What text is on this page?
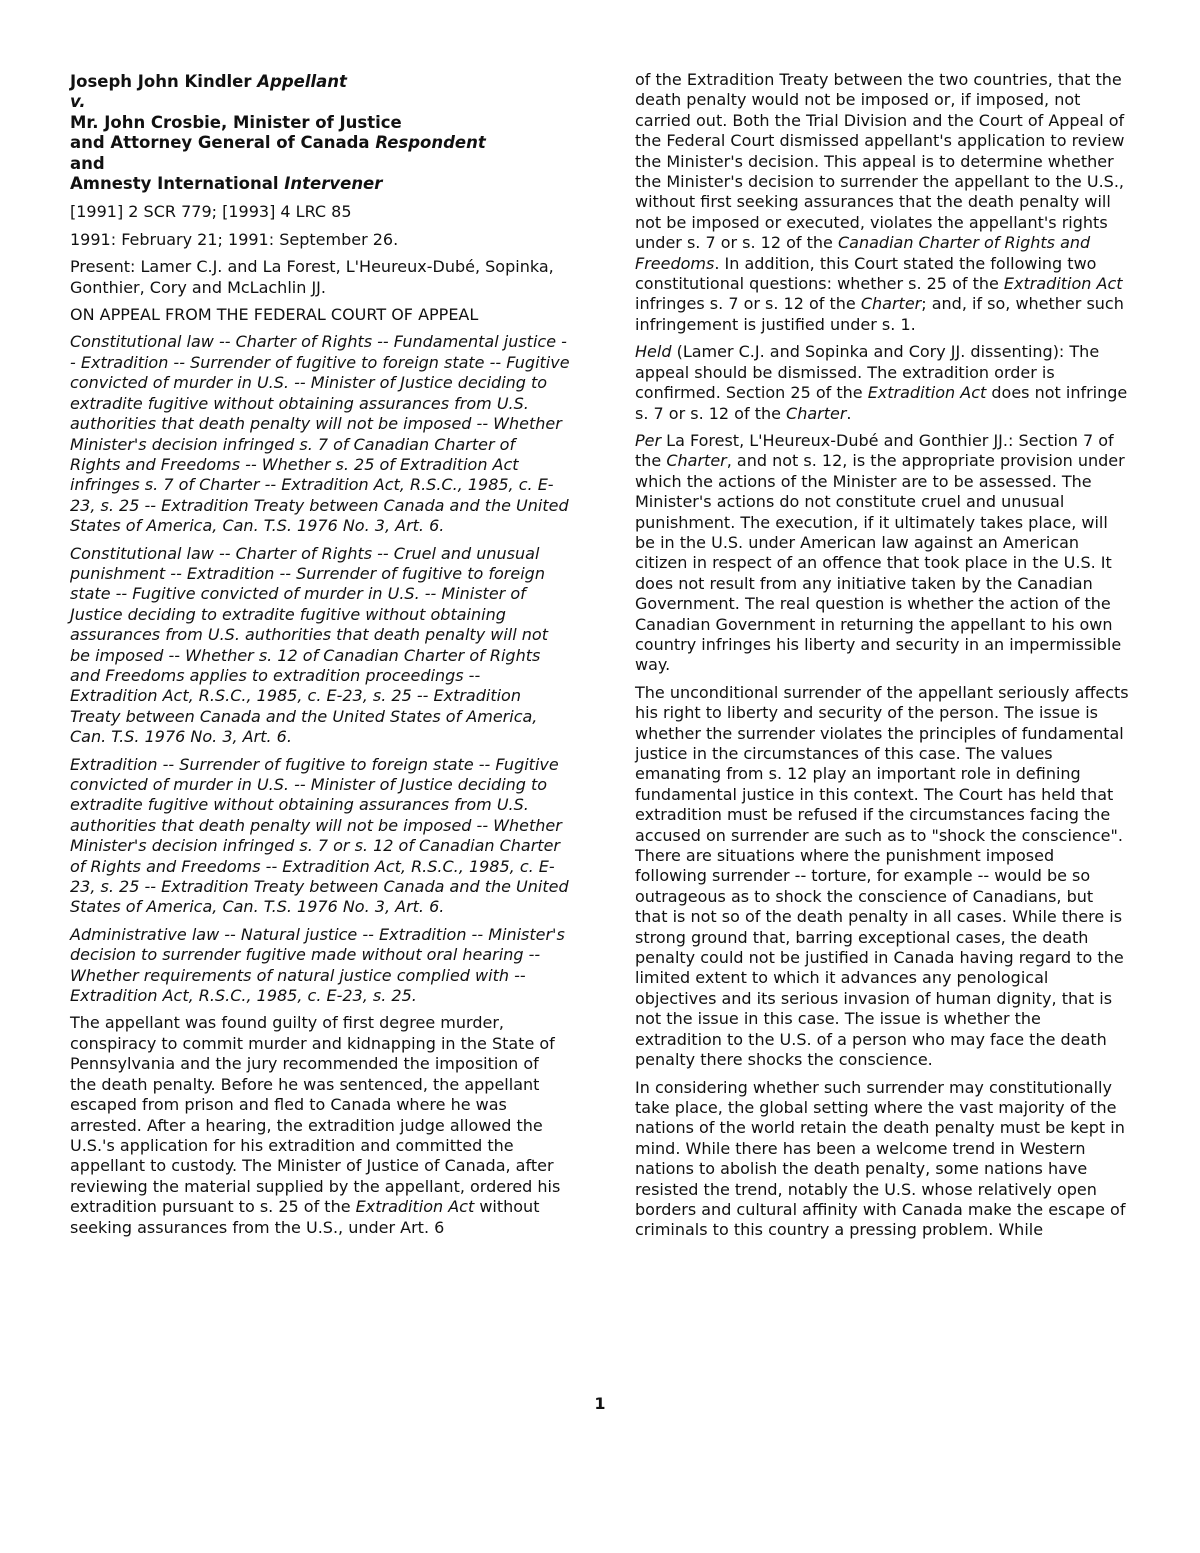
Joseph John Kindler Appellant

v.

Mr. John Crosbie, Minister of Justice

and Attorney General of Canada Respondent

and

Amnesty International Intervener

[1991] 2 SCR 779; [1993] 4 LRC 85

1991: February 21; 1991: September 26.

Present: Lamer C.J. and La Forest, L'Heureux-Dubé, Sopinka, Gonthier, Cory and McLachlin JJ.

ON APPEAL FROM THE FEDERAL COURT OF APPEAL

Constitutional law -- Charter of Rights -- Fundamental justice -- Extradition -- Surrender of fugitive to foreign state -- Fugitive convicted of murder in U.S. -- Minister of Justice deciding to extradite fugitive without obtaining assurances from U.S. authorities that death penalty will not be imposed -- Whether Minister's decision infringed s. 7 of Canadian Charter of Rights and Freedoms -- Whether s. 25 of Extradition Act infringes s. 7 of Charter -- Extradition Act, R.S.C., 1985, c. E-23, s. 25 -- Extradition Treaty between Canada and the United States of America, Can. T.S. 1976 No. 3, Art. 6.

Constitutional law -- Charter of Rights -- Cruel and unusual punishment -- Extradition -- Surrender of fugitive to foreign state -- Fugitive convicted of murder in U.S. -- Minister of Justice deciding to extradite fugitive without obtaining assurances from U.S. authorities that death penalty will not be imposed -- Whether s. 12 of Canadian Charter of Rights and Freedoms applies to extradition proceedings -- Extradition Act, R.S.C., 1985, c. E-23, s. 25 -- Extradition Treaty between Canada and the United States of America, Can. T.S. 1976 No. 3, Art. 6.

Extradition -- Surrender of fugitive to foreign state -- Fugitive convicted of murder in U.S. -- Minister of Justice deciding to extradite fugitive without obtaining assurances from U.S. authorities that death penalty will not be imposed -- Whether Minister's decision infringed s. 7 or s. 12 of Canadian Charter of Rights and Freedoms -- Extradition Act, R.S.C., 1985, c. E-23, s. 25 -- Extradition Treaty between Canada and the United States of America, Can. T.S. 1976 No. 3, Art. 6.

Administrative law -- Natural justice -- Extradition -- Minister's decision to surrender fugitive made without oral hearing -- Whether requirements of natural justice complied with -- Extradition Act, R.S.C., 1985, c. E-23, s. 25.

The appellant was found guilty of first degree murder, conspiracy to commit murder and kidnapping in the State of Pennsylvania and the jury recommended the imposition of the death penalty. Before he was sentenced, the appellant escaped from prison and fled to Canada where he was arrested. After a hearing, the extradition judge allowed the U.S.'s application for his extradition and committed the appellant to custody. The Minister of Justice of Canada, after reviewing the material supplied by the appellant, ordered his extradition pursuant to s. 25 of the Extradition Act without seeking assurances from the U.S., under Art. 6

of the Extradition Treaty between the two countries, that the death penalty would not be imposed or, if imposed, not carried out. Both the Trial Division and the Court of Appeal of the Federal Court dismissed appellant's application to review the Minister's decision. This appeal is to determine whether the Minister's decision to surrender the appellant to the U.S., without first seeking assurances that the death penalty will not be imposed or executed, violates the appellant's rights under s. 7 or s. 12 of the Canadian Charter of Rights and Freedoms. In addition, this Court stated the following two constitutional questions: whether s. 25 of the Extradition Act infringes s. 7 or s. 12 of the Charter; and, if so, whether such infringement is justified under s. 1.

Held (Lamer C.J. and Sopinka and Cory JJ. dissenting): The appeal should be dismissed. The extradition order is confirmed. Section 25 of the Extradition Act does not infringe s. 7 or s. 12 of the Charter.

Per La Forest, L'Heureux-Dubé and Gonthier JJ.: Section 7 of the Charter, and not s. 12, is the appropriate provision under which the actions of the Minister are to be assessed. The Minister's actions do not constitute cruel and unusual punishment. The execution, if it ultimately takes place, will be in the U.S. under American law against an American citizen in respect of an offence that took place in the U.S. It does not result from any initiative taken by the Canadian Government. The real question is whether the action of the Canadian Government in returning the appellant to his own country infringes his liberty and security in an impermissible way.

The unconditional surrender of the appellant seriously affects his right to liberty and security of the person. The issue is whether the surrender violates the principles of fundamental justice in the circumstances of this case. The values emanating from s. 12 play an important role in defining fundamental justice in this context. The Court has held that extradition must be refused if the circumstances facing the accused on surrender are such as to "shock the conscience". There are situations where the punishment imposed following surrender -- torture, for example -- would be so outrageous as to shock the conscience of Canadians, but that is not so of the death penalty in all cases. While there is strong ground that, barring exceptional cases, the death penalty could not be justified in Canada having regard to the limited extent to which it advances any penological objectives and its serious invasion of human dignity, that is not the issue in this case. The issue is whether the extradition to the U.S. of a person who may face the death penalty there shocks the conscience.

In considering whether such surrender may constitutionally take place, the global setting where the vast majority of the nations of the world retain the death penalty must be kept in mind. While there has been a welcome trend in Western nations to abolish the death penalty, some nations have resisted the trend, notably the U.S. whose relatively open borders and cultural affinity with Canada make the escape of criminals to this country a pressing problem. While

1
